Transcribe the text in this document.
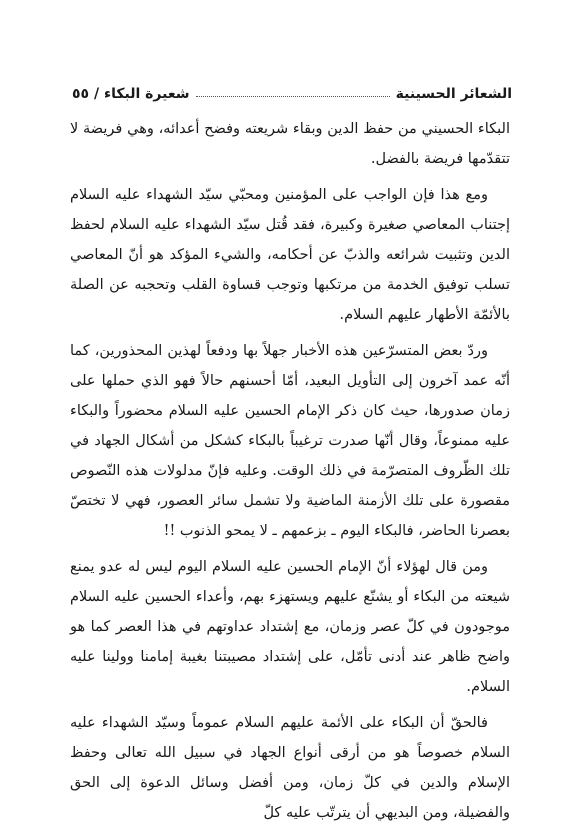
الشعائر الحسينية
شعيرة البكاء / ٥٥

البكاء الحسيني من حفظ الدين وبقاء شريعته وفضح أعدائه، وهي فريضة لا تتقدّمها فريضة بالفضل.

ومع هذا فإن الواجب على المؤمنين ومحبّي سيّد الشهداء عليه السلام إجتناب المعاصي صغيرة وكبيرة، فقد قُتل سيّد الشهداء عليه السلام لحفظ الدين وتثبيت شرائعه والذبّ عن أحكامه، والشيء المؤكد هو أنّ المعاصي تسلب توفيق الخدمة من مرتكبها وتوجب قساوة القلب وتحجبه عن الصلة بالأئمّة الأطهار عليهم السلام.

وردّ بعض المتسرّعين هذه الأخبار جهلاً بها ودفعاً لهذين المحذورين، كما أنّه عمد آخرون إلى التأويل البعيد، أمّا أحسنهم حالاً فهو الذي حملها على زمان صدورها، حيث كان ذكر الإمام الحسين عليه السلام محضوراً والبكاء عليه ممنوعاً، وقال أنّها صدرت ترغيباً بالبكاء كشكل من أشكال الجهاد في تلك الظّروف المتصرّمة في ذلك الوقت. وعليه فإنّ مدلولات هذه النّصوص مقصورة على تلك الأزمنة الماضية ولا تشمل سائر العصور، فهي لا تختصّ بعصرنا الحاضر، فالبكاء اليوم ـ بزعمهم ـ لا يمحو الذنوب !!

ومن قال لهؤلاء أنّ الإمام الحسين عليه السلام اليوم ليس له عدو يمنع شيعته من البكاء أو يشنّع عليهم ويستهزء بهم، وأعداء الحسين عليه السلام موجودون في كلّ عصر وزمان، مع إشتداد عداوتهم في هذا العصر كما هو واضح ظاهر عند أدنى تأمّل، على إشتداد مصيبتنا بغيبة إمامنا وولينا عليه السلام.

فالحقّ أن البكاء على الأئمة عليهم السلام عموماً وسيّد الشهداء عليه السلام خصوصاً هو من أرقى أنواع الجهاد في سبيل الله تعالى وحفظ الإسلام والدين في كلّ زمان، ومن أفضل وسائل الدعوة إلى الحق والفضيلة، ومن البديهي أن يترتّب عليه كلّ
